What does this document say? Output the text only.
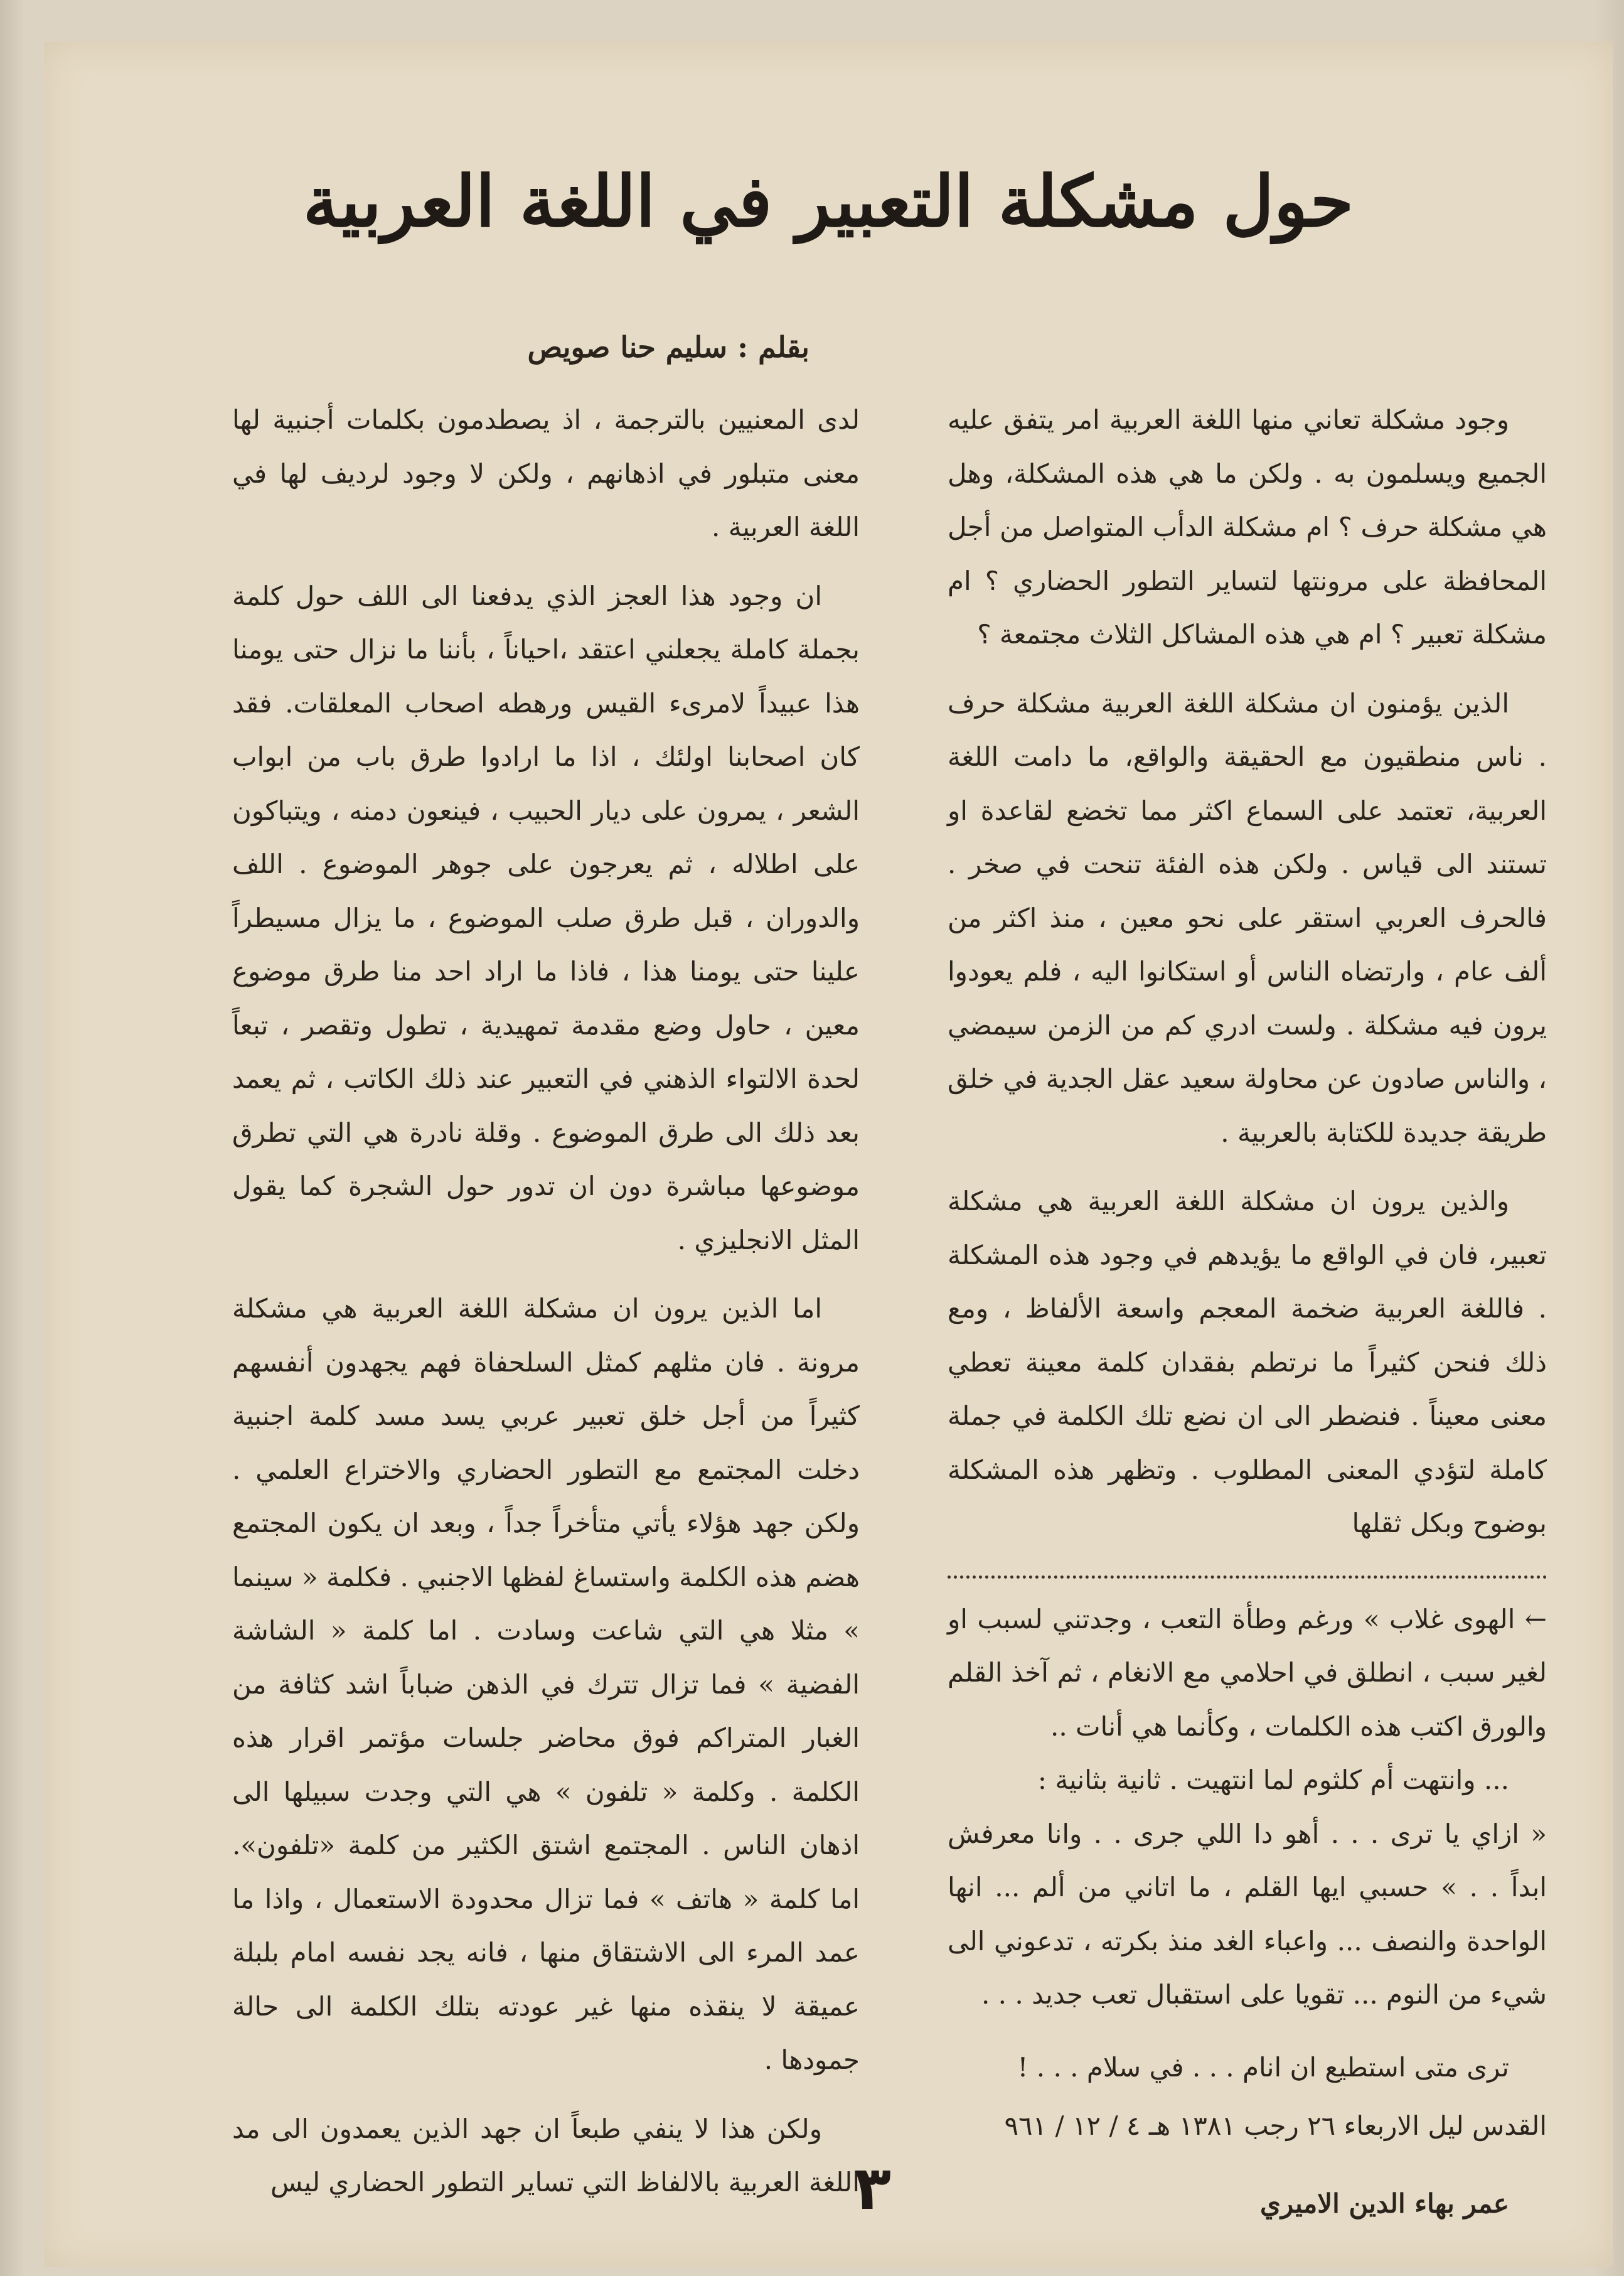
حول مشكلة التعبير في اللغة العربية
بقلم : سليم حنا صويص

وجود مشكلة تعاني منها اللغة العربية امر يتفق عليه الجميع ويسلمون به . ولكن ما هي هذه المشكلة، وهل هي مشكلة حرف ؟ ام مشكلة الدأب المتواصل من أجل المحافظة على مرونتها لتساير التطور الحضاري ؟ ام مشكلة تعبير ؟ ام هي هذه المشاكل الثلاث مجتمعة ؟

الذين يؤمنون ان مشكلة اللغة العربية مشكلة حرف . ناس منطقيون مع الحقيقة والواقع، ما دامت اللغة العربية، تعتمد على السماع اكثر مما تخضع لقاعدة او تستند الى قياس . ولكن هذه الفئة تنحت في صخر . فالحرف العربي استقر على نحو معين ، منذ اكثر من ألف عام ، وارتضاه الناس أو استكانوا اليه ، فلم يعودوا يرون فيه مشكلة . ولست ادري كم من الزمن سيمضي ، والناس صادون عن محاولة سعيد عقل الجدية في خلق طريقة جديدة للكتابة بالعربية .

والذين يرون ان مشكلة اللغة العربية هي مشكلة تعبير، فان في الواقع ما يؤيدهم في وجود هذه المشكلة . فاللغة العربية ضخمة المعجم واسعة الألفاظ ، ومع ذلك فنحن كثيراً ما نرتطم بفقدان كلمة معينة تعطي معنى معيناً . فنضطر الى ان نضع تلك الكلمة في جملة كاملة لتؤدي المعنى المطلوب . وتظهر هذه المشكلة بوضوح وبكل ثقلها

← الهوى غلاب » ورغم وطأة التعب ، وجدتني لسبب او لغير سبب ، انطلق في احلامي مع الانغام ، ثم آخذ القلم والورق اكتب هذه الكلمات ، وكأنما هي أنات ..

... وانتهت أم كلثوم لما انتهيت . ثانية بثانية :

« ازاي يا ترى . . . أهو دا اللي جرى . . وانا معرفش ابداً . . » حسبي ايها القلم ، ما اتاني من ألم ... انها الواحدة والنصف ... واعباء الغد منذ بكرته ، تدعوني الى شيء من النوم ... تقويا على استقبال تعب جديد . . .

ترى متى استطيع ان انام . . . في سلام . . . !

القدس ليل الاربعاء ٢٦ رجب ١٣٨١ هـ ٤ / ١٢ / ٩٦١

عمر بهاء الدين الاميري

لدى المعنيين بالترجمة ، اذ يصطدمون بكلمات أجنبية لها معنى متبلور في اذهانهم ، ولكن لا وجود لرديف لها في اللغة العربية .

ان وجود هذا العجز الذي يدفعنا الى اللف حول كلمة بجملة كاملة يجعلني اعتقد ،احياناً ، بأننا ما نزال حتى يومنا هذا عبيداً لامرىء القيس ورهطه اصحاب المعلقات. فقد كان اصحابنا اولئك ، اذا ما ارادوا طرق باب من ابواب الشعر ، يمرون على ديار الحبيب ، فينعون دمنه ، ويتباكون على اطلاله ، ثم يعرجون على جوهر الموضوع . اللف والدوران ، قبل طرق صلب الموضوع ، ما يزال مسيطراً علينا حتى يومنا هذا ، فاذا ما اراد احد منا طرق موضوع معين ، حاول وضع مقدمة تمهيدية ، تطول وتقصر ، تبعاً لحدة الالتواء الذهني في التعبير عند ذلك الكاتب ، ثم يعمد بعد ذلك الى طرق الموضوع . وقلة نادرة هي التي تطرق موضوعها مباشرة دون ان تدور حول الشجرة كما يقول المثل الانجليزي .

اما الذين يرون ان مشكلة اللغة العربية هي مشكلة مرونة . فان مثلهم كمثل السلحفاة فهم يجهدون أنفسهم كثيراً من أجل خلق تعبير عربي يسد مسد كلمة اجنبية دخلت المجتمع مع التطور الحضاري والاختراع العلمي . ولكن جهد هؤلاء يأتي متأخراً جداً ، وبعد ان يكون المجتمع هضم هذه الكلمة واستساغ لفظها الاجنبي . فكلمة « سينما » مثلا هي التي شاعت وسادت . اما كلمة « الشاشة الفضية » فما تزال تترك في الذهن ضباباً اشد كثافة من الغبار المتراكم فوق محاضر جلسات مؤتمر اقرار هذه الكلمة . وكلمة « تلفون » هي التي وجدت سبيلها الى اذهان الناس . المجتمع اشتق الكثير من كلمة «تلفون». اما كلمة « هاتف » فما تزال محدودة الاستعمال ، واذا ما عمد المرء الى الاشتقاق منها ، فانه يجد نفسه امام بلبلة عميقة لا ينقذه منها غير عودته بتلك الكلمة الى حالة جمودها .

ولكن هذا لا ينفي طبعاً ان جهد الذين يعمدون الى مد اللغة العربية بالالفاظ التي تساير التطور الحضاري ليس

٣
